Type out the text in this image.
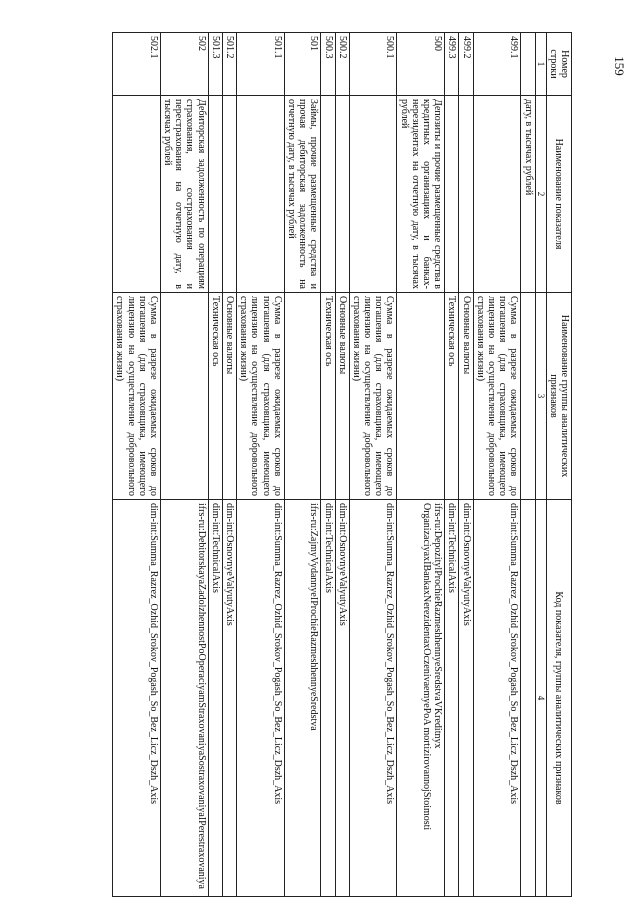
159
Номер строки	Наименование показателя	Наименование группы аналитических признаков	Код показателя, группы аналитических признаков
1	2	3	4
	дату, в тысячах рублей		
499.1		Сумма в разрезе ожидаемых сроков до погашения (для страховщика, имеющего лицензию на осуществление добровольного страхования жизни)	dim-int:Summa_Razrez_Ozhid_Srokov_Pogash_So_Bez_Licz_Dszh_Axis
499.2		Основные валюты	dim-int:OsnovnyeValyutyAxis
499.3		Техническая ось	dim-int:TechnicalAxis
500	Депозиты и прочие размещенные средства в кредитных организациях и банках-нерезидентах на отчетную дату, в тысячах рублей		ifrs-ru:DepozitylProchieRazmeshhennyeSredstvaVKreditnyx OrganizaciyaxIBankaxNerezidentaxOczenivaemyePoA mortizirovannojStoimosti
500.1		Сумма в разрезе ожидаемых сроков до погашения (для страховщика, имеющего лицензию на осуществление добровольного страхования жизни)	dim-int:Summa_Razrez_Ozhid_Srokov_Pogash_So_Bez_Licz_Dszh_Axis
500.2		Основные валюты	dim-int:OsnovnyeValyutyAxis
500.3		Техническая ось	dim-int:TechnicalAxis
501	Займы, прочие размещенные средства и прочая дебиторская задолженность на отчетную дату, в тысячах рублей		ifrs-ru:ZajmyVydannyeIProchieRazmeshhennyeSredstva
501.1		Сумма в разрезе ожидаемых сроков до погашения (для страховщика, имеющего лицензию на осуществление добровольного страхования жизни)	dim-int:Summa_Razrez_Ozhid_Srokov_Pogash_So_Bez_Licz_Dszh_Axis
501.2		Основные валюты	dim-int:OsnovnyeValyutyAxis
501.3		Техническая ось	dim-int:TechnicalAxis
502	Дебиторская задолженность по операциям страхования, сострахования и перестрахования на отчетную дату, в тысячах рублей		ifrs-ru:DebitorskayaZadolzhennostPoOperaciyamStraxovaniyaSostraxovaniyaIPerestraxovaniya
502.1		Сумма в разрезе ожидаемых сроков до погашения (для страховщика, имеющего лицензию на осуществление добровольного страхования жизни)	dim-int:Summa_Razrez_Ozhid_Srokov_Pogash_So_Bez_Licz_Dszh_Axis
